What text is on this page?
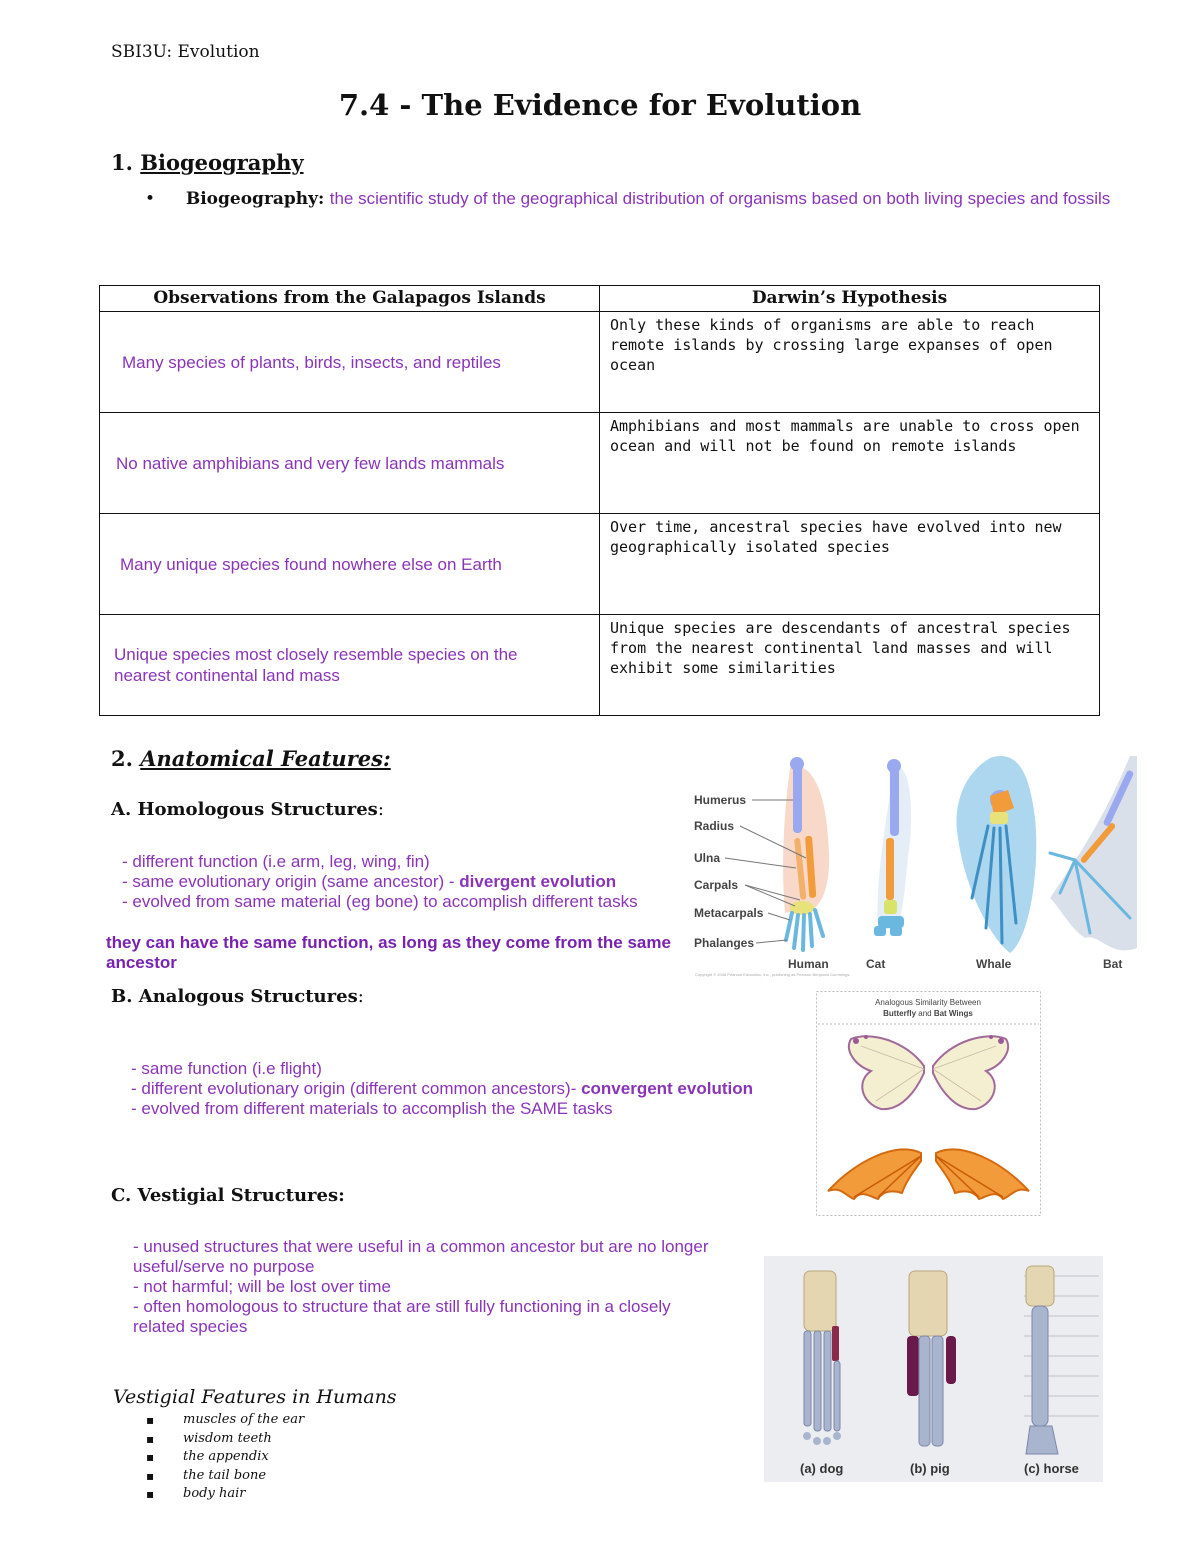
SBI3U: Evolution
7.4 - The Evidence for Evolution
1. Biogeography
• Biogeography: the scientific study of the geographical distribution of organisms based on both living species and fossils
Observations from the Galapagos Islands	Darwin’s Hypothesis

Many species of plants, birds, insects, and reptiles	Only these kinds of organisms are able to reach remote islands by crossing large expanses of open ocean

No native amphibians and very few lands mammals	Amphibians and most mammals are unable to cross open ocean and will not be found on remote islands

Many unique species found nowhere else on Earth	Over time, ancestral species have evolved into new geographically isolated species

Unique species most closely resemble species on the nearest continental land mass	Unique species are descendants of ancestral species from the nearest continental land masses and will exhibit some similarities
2. Anatomical Features:
A. Homologous Structures:
- different function (i.e arm, leg, wing, fin)
- same evolutionary origin (same ancestor) - divergent evolution
- evolved from same material (eg bone) to accomplish different tasks
they can have the same function, as long as they come from the same ancestor
Humerus
Radius
Ulna
Carpals
Metacarpals
Phalanges
Human	Cat	Whale	Bat
Copyright © 2008 Pearson Education, Inc., publishing as Pearson Benjamin Cummings.
B. Analogous Structures:
- same function (i.e flight)
- different evolutionary origin (different common ancestors)- convergent evolution
- evolved from different materials to accomplish the SAME tasks
Analogous Similarity Between
Butterfly and Bat Wings
C. Vestigial Structures:
- unused structures that were useful in a common ancestor but are no longer useful/serve no purpose
- not harmful; will be lost over time
- often homologous to structure that are still fully functioning in a closely related species
(a) dog	(b) pig	(c) horse
Vestigial Features in Humans
▪ muscles of the ear
▪ wisdom teeth
▪ the appendix
▪ the tail bone
▪ body hair
